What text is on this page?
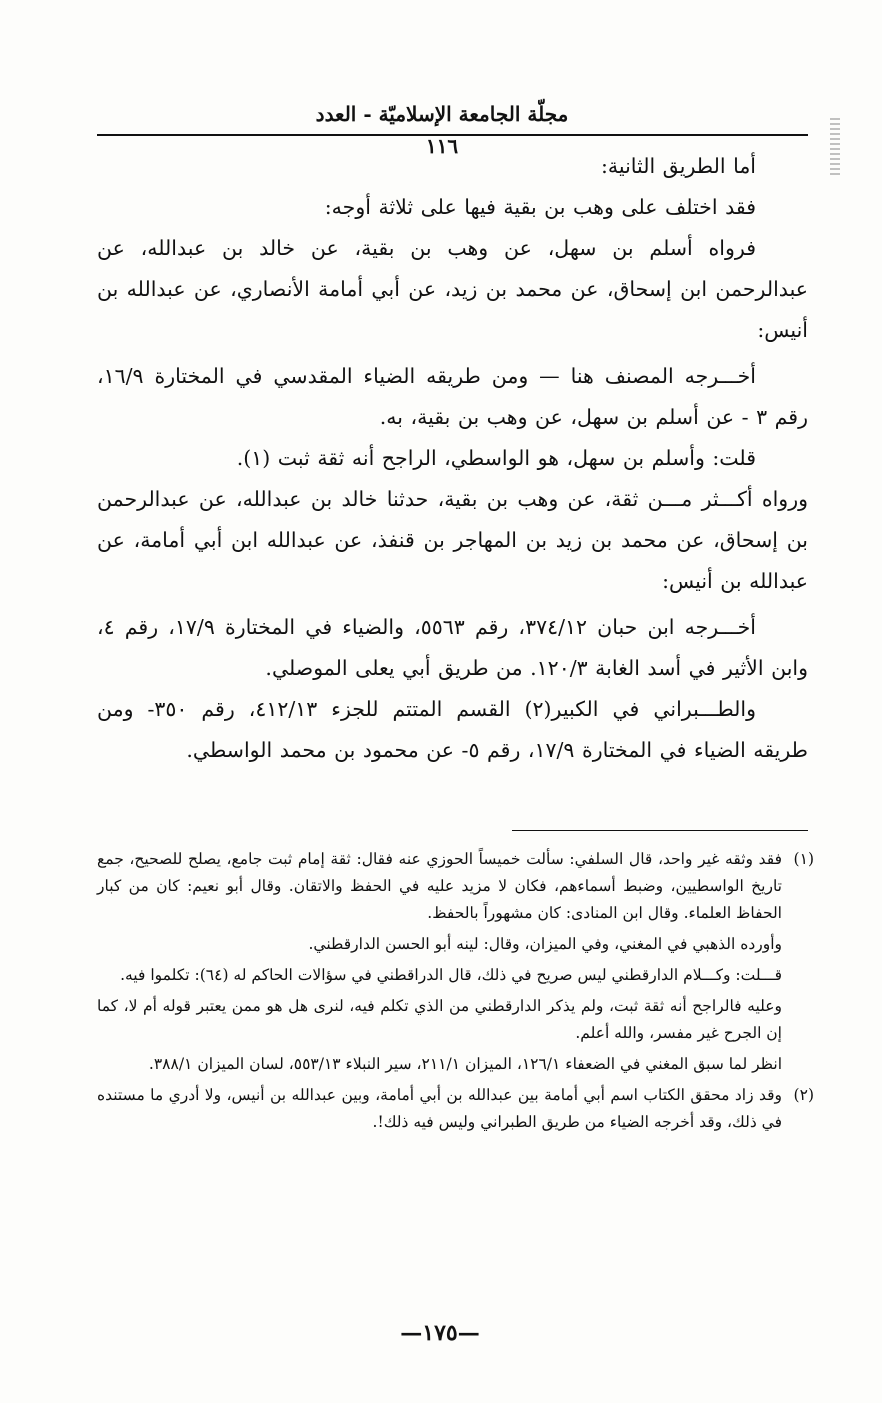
مجلّة الجامعة الإسلاميّة - العدد ١١٦

أما الطريق الثانية:

فقد اختلف على وهب بن بقية فيها على ثلاثة أوجه:

فرواه أسلم بن سهل، عن وهب بن بقية، عن خالد بن عبدالله، عن عبدالرحمن ابن إسحاق، عن محمد بن زيد، عن أبي أمامة الأنصاري، عن عبدالله بن أنيس:

أخـــرجه المصنف هنا — ومن طريقه الضياء المقدسي في المختارة ١٦/٩، رقم ٣ - عن أسلم بن سهل، عن وهب بن بقية، به.

قلت: وأسلم بن سهل، هو الواسطي، الراجح أنه ثقة ثبت (١).

ورواه أكـــثر مـــن ثقة، عن وهب بن بقية، حدثنا خالد بن عبدالله، عن عبدالرحمن بن إسحاق، عن محمد بن زيد بن المهاجر بن قنفذ، عن عبدالله ابن أبي أمامة، عن عبدالله بن أنيس:

أخـــرجه ابن حبان ٣٧٤/١٢، رقم ٥٥٦٣، والضياء في المختارة ١٧/٩، رقم ٤، وابن الأثير في أسد الغابة ١٢٠/٣. من طريق أبي يعلى الموصلي.

والطـــبراني في الكبير(٢) القسم المتتم للجزء ٤١٢/١٣، رقم ٣٥٠- ومن طريقه الضياء في المختارة ١٧/٩، رقم ٥- عن محمود بن محمد الواسطي.

(١)
فقد وثقه غير واحد، قال السلفي: سألت خميساً الحوزي عنه فقال: ثقة إمام ثبت جامع، يصلح للصحيح، جمع تاريخ الواسطيين، وضبط أسماءهم، فكان لا مزيد عليه في الحفظ والاتقان. وقال أبو نعيم: كان من كبار الحفاظ العلماء. وقال ابن المنادى: كان مشهوراً بالحفظ.

وأورده الذهبي في المغني، وفي الميزان، وقال: لينه أبو الحسن الدارقطني.

قـــلت: وكـــلام الدارقطني ليس صريح في ذلك، قال الدراقطني في سؤالات الحاكم له (٦٤): تكلموا فيه.

وعليه فالراجح أنه ثقة ثبت، ولم يذكر الدارقطني من الذي تكلم فيه، لنرى هل هو ممن يعتبر قوله أم لا، كما إن الجرح غير مفسر، والله أعلم.

انظر لما سبق المغني في الضعفاء ١٢٦/١، الميزان ٢١١/١، سير النبلاء ٥٥٣/١٣، لسان الميزان ٣٨٨/١.

(٢)
وقد زاد محقق الكتاب اسم أبي أمامة بين عبدالله بن أبي أمامة، وبين عبدالله بن أنيس، ولا أدري ما مستنده في ذلك، وقد أخرجه الضياء من طريق الطبراني وليس فيه ذلك!.

—١٧٥—
